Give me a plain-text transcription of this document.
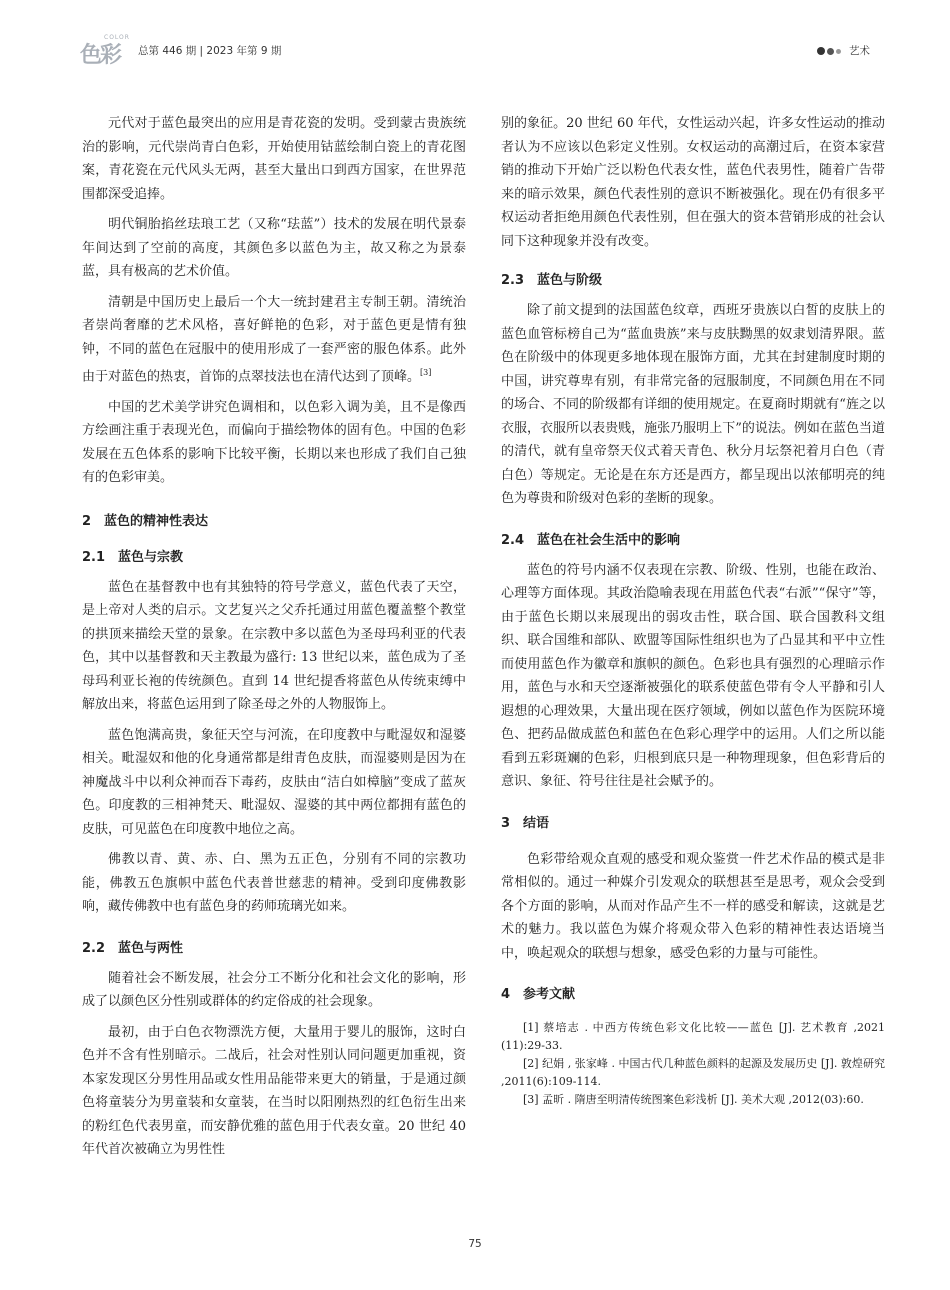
色彩
COLOR
总第 446 期 | 2023 年第 9 期	艺术

元代对于蓝色最突出的应用是青花瓷的发明。受到蒙古贵族统治的影响，元代崇尚青白色彩，开始使用钴蓝绘制白瓷上的青花图案，青花瓷在元代风头无两，甚至大量出口到西方国家，在世界范围都深受追捧。

明代铜胎掐丝珐琅工艺（又称“珐蓝”）技术的发展在明代景泰年间达到了空前的高度，其颜色多以蓝色为主，故又称之为景泰蓝，具有极高的艺术价值。

清朝是中国历史上最后一个大一统封建君主专制王朝。清统治者崇尚奢靡的艺术风格，喜好鲜艳的色彩，对于蓝色更是情有独钟，不同的蓝色在冠服中的使用形成了一套严密的服色体系。此外由于对蓝色的热衷，首饰的点翠技法也在清代达到了顶峰。[3]

中国的艺术美学讲究色调相和，以色彩入调为美，且不是像西方绘画注重于表现光色，而偏向于描绘物体的固有色。中国的色彩发展在五色体系的影响下比较平衡，长期以来也形成了我们自己独有的色彩审美。

2　蓝色的精神性表达
2.1　蓝色与宗教

蓝色在基督教中也有其独特的符号学意义，蓝色代表了天空，是上帝对人类的启示。文艺复兴之父乔托通过用蓝色覆盖整个教堂的拱顶来描绘天堂的景象。在宗教中多以蓝色为圣母玛利亚的代表色，其中以基督教和天主教最为盛行: 13 世纪以来，蓝色成为了圣母玛利亚长袍的传统颜色。直到 14 世纪提香将蓝色从传统束缚中解放出来，将蓝色运用到了除圣母之外的人物服饰上。

蓝色饱满高贵，象征天空与河流，在印度教中与毗湿奴和湿婆相关。毗湿奴和他的化身通常都是绀青色皮肤，而湿婆则是因为在神魔战斗中以利众神而吞下毒药，皮肤由“洁白如樟脑”变成了蓝灰色。印度教的三相神梵天、毗湿奴、湿婆的其中两位都拥有蓝色的皮肤，可见蓝色在印度教中地位之高。

佛教以青、黄、赤、白、黑为五正色，分别有不同的宗教功能，佛教五色旗帜中蓝色代表普世慈悲的精神。受到印度佛教影响，藏传佛教中也有蓝色身的药师琉璃光如来。

2.2　蓝色与两性

随着社会不断发展，社会分工不断分化和社会文化的影响，形成了以颜色区分性别或群体的约定俗成的社会现象。

最初，由于白色衣物漂洗方便，大量用于婴儿的服饰，这时白色并不含有性别暗示。二战后，社会对性别认同问题更加重视，资本家发现区分男性用品或女性用品能带来更大的销量，于是通过颜色将童装分为男童装和女童装，在当时以阳刚热烈的红色衍生出来的粉红色代表男童，而安静优雅的蓝色用于代表女童。20 世纪 40 年代首次被确立为男性性

别的象征。20 世纪 60 年代，女性运动兴起，许多女性运动的推动者认为不应该以色彩定义性别。女权运动的高潮过后，在资本家营销的推动下开始广泛以粉色代表女性，蓝色代表男性，随着广告带来的暗示效果，颜色代表性别的意识不断被强化。现在仍有很多平权运动者拒绝用颜色代表性别，但在强大的资本营销形成的社会认同下这种现象并没有改变。

2.3　蓝色与阶级

除了前文提到的法国蓝色纹章，西班牙贵族以白皙的皮肤上的蓝色血管标榜自己为“蓝血贵族”来与皮肤黝黑的奴隶划清界限。蓝色在阶级中的体现更多地体现在服饰方面，尤其在封建制度时期的中国，讲究尊卑有别，有非常完备的冠服制度，不同颜色用在不同的场合、不同的阶级都有详细的使用规定。在夏商时期就有“旌之以衣服，衣服所以表贵贱，施张乃服明上下”的说法。例如在蓝色当道的清代，就有皇帝祭天仪式着天青色、秋分月坛祭祀着月白色（青白色）等规定。无论是在东方还是西方，都呈现出以浓郁明亮的纯色为尊贵和阶级对色彩的垄断的现象。

2.4　蓝色在社会生活中的影响

蓝色的符号内涵不仅表现在宗教、阶级、性别，也能在政治、心理等方面体现。其政治隐喻表现在用蓝色代表“右派”“保守”等，由于蓝色长期以来展现出的弱攻击性，联合国、联合国教科文组织、联合国维和部队、欧盟等国际性组织也为了凸显其和平中立性而使用蓝色作为徽章和旗帜的颜色。色彩也具有强烈的心理暗示作用，蓝色与水和天空逐渐被强化的联系使蓝色带有令人平静和引人遐想的心理效果，大量出现在医疗领域，例如以蓝色作为医院环境色、把药品做成蓝色和蓝色在色彩心理学中的运用。人们之所以能看到五彩斑斓的色彩，归根到底只是一种物理现象，但色彩背后的意识、象征、符号往往是社会赋予的。

3　结语

色彩带给观众直观的感受和观众鉴赏一件艺术作品的模式是非常相似的。通过一种媒介引发观众的联想甚至是思考，观众会受到各个方面的影响，从而对作品产生不一样的感受和解读，这就是艺术的魅力。我以蓝色为媒介将观众带入色彩的精神性表达语境当中，唤起观众的联想与想象，感受色彩的力量与可能性。

4　参考文献

[1] 蔡培志 . 中西方传统色彩文化比较——蓝色 [J]. 艺术教育 ,2021 (11):29-33.

[2] 纪娟 , 张家峰 . 中国古代几种蓝色颜料的起源及发展历史 [J]. 敦煌研究 ,2011(6):109-114.

[3] 孟昕 . 隋唐至明清传统图案色彩浅析 [J]. 美术大观 ,2012(03):60.

75
